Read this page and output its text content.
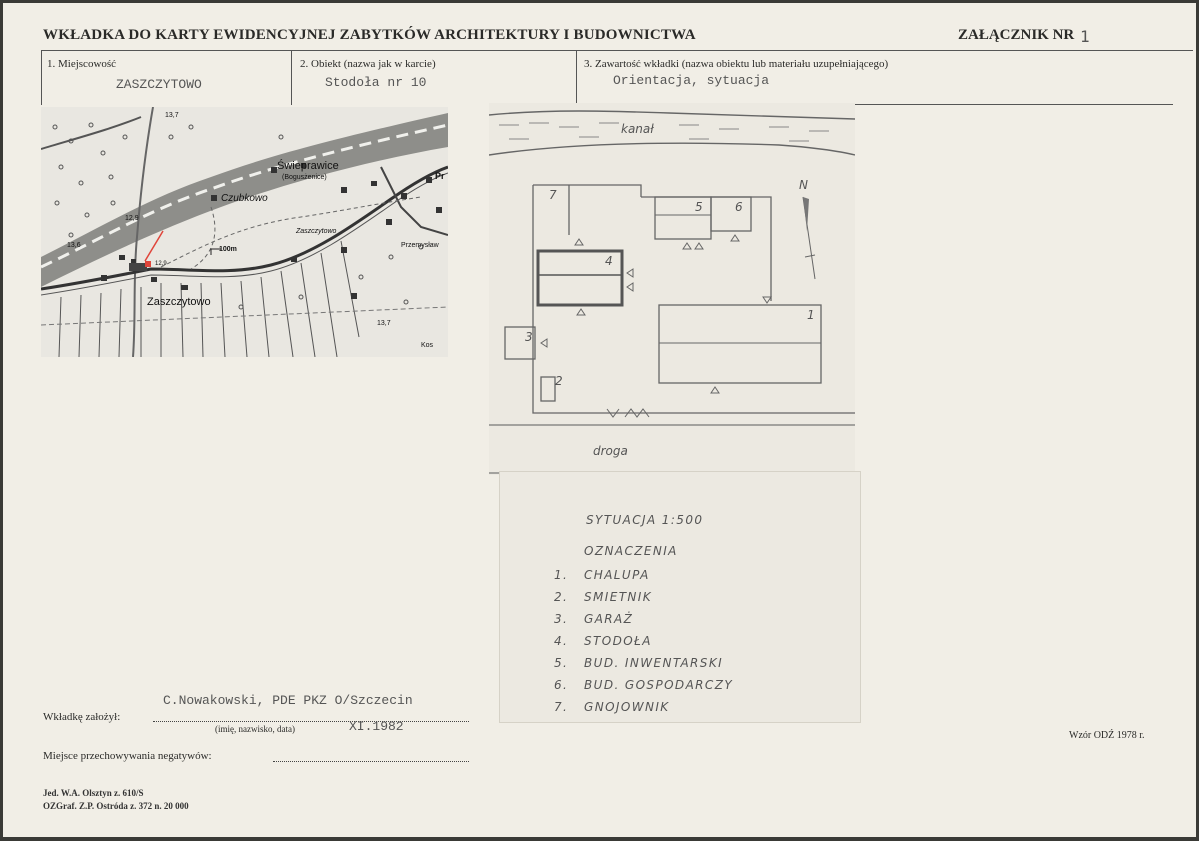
WKŁADKA DO KARTY EWIDENCYJNEJ ZABYTKÓW ARCHITEKTURY I BUDOWNICTWA	ZAŁĄCZNIK NR 1
1. Miejscowość
ZASZCZYTOWO
2. Obiekt (nazwa jak w karcie)
Stodoła nr 10
3. Zawartość wkładki (nazwa obiektu lub materiału uzupełniającego)
Orientacja, sytuacja
Świeprawice
(Bogusżenice)
Czubkowo
Zaszczytowo
Zaszczytowo
Przemysław
100m
Pr
Kos
13,7
12,9
13,6
12,9
13,7
kanał
N
1
2
3
4
5	6
7
droga
SYTUACJA 1:500
OZNACZENIA
1. CHALUPA
2. SMIETNIK
3. GARAŻ
4. STODOŁA
5. BUD. INWENTARSKI
6. BUD. GOSPODARCZY
7. GNOJOWNIK
C.Nowakowski, PDE PKZ O/Szczecin
Wkładkę założył:
(imię, nazwisko, data)	XI.1982
Miejsce przechowywania negatywów:
Jed. W.A. Olsztyn z. 610/S
OZGraf. Z.P. Ostróda z. 372 n. 20 000
Wzór ODŹ 1978 r.
